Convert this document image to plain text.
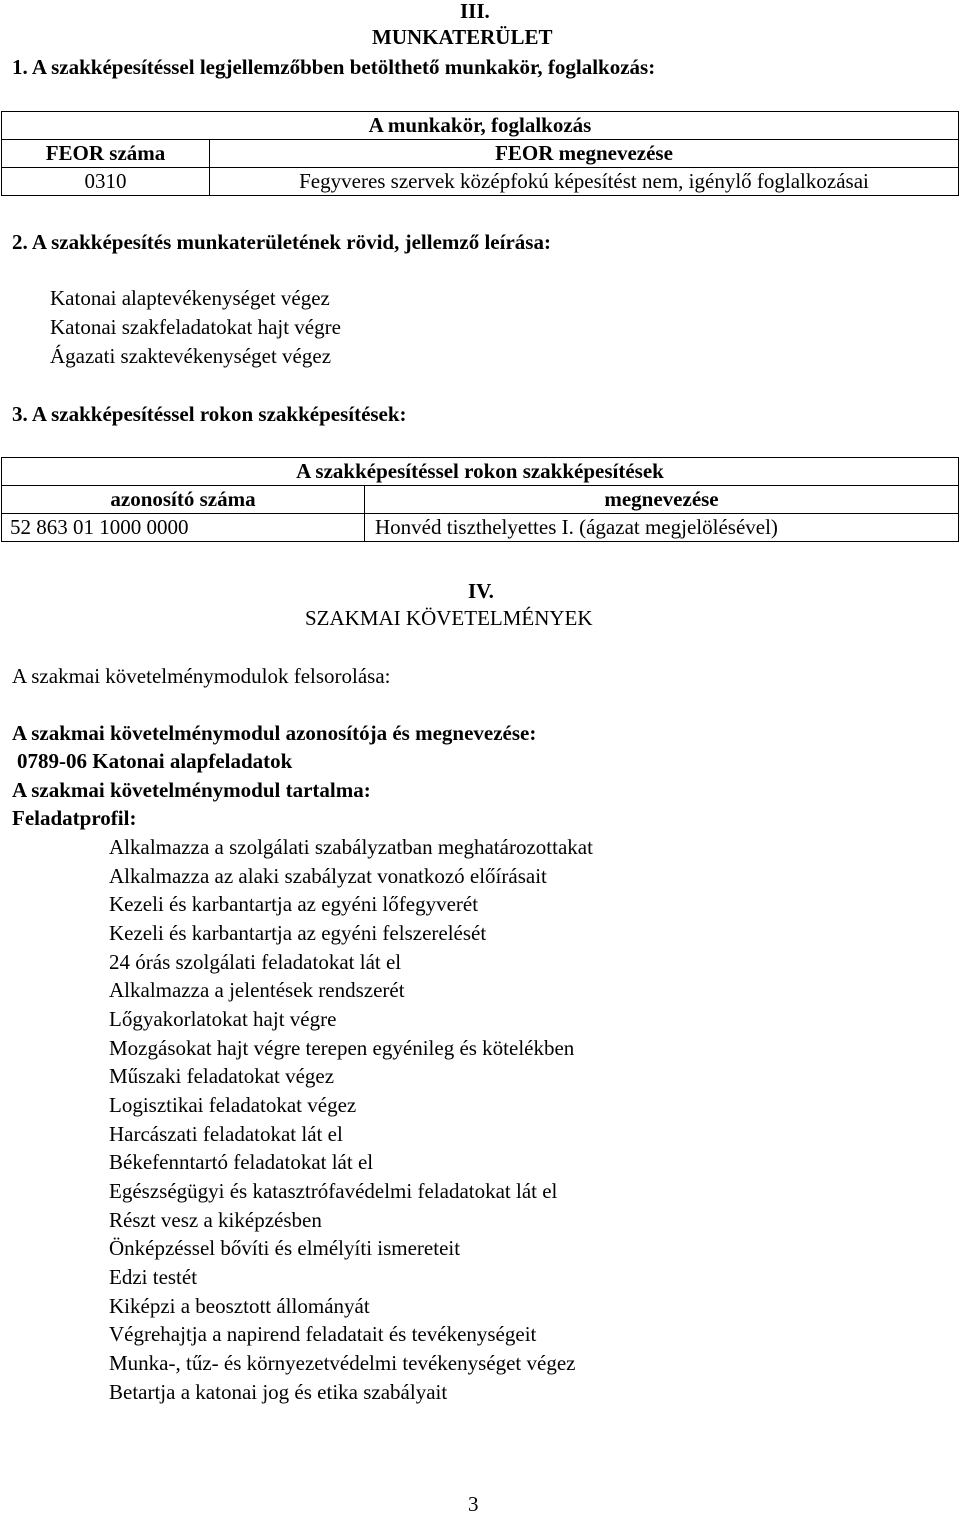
III.
MUNKATERÜLET
1. A szakképesítéssel legjellemzőbben betölthető munkakör, foglalkozás:
A munkakör, foglalkozás	
FEOR száma	FEOR megnevezése
0310	Fegyveres szervek középfokú képesítést nem, igénylő foglalkozásai
2. A szakképesítés munkaterületének rövid, jellemző leírása:
Katonai alaptevékenységet végez
Katonai szakfeladatokat hajt végre
Ágazati szaktevékenységet végez
3. A szakképesítéssel rokon szakképesítések:
A szakképesítéssel rokon szakképesítések	
azonosító száma	megnevezése
52 863 01 1000 0000	Honvéd tiszthelyettes I. (ágazat megjelölésével)
IV.
SZAKMAI KÖVETELMÉNYEK
A szakmai követelménymodulok felsorolása:
A szakmai követelménymodul azonosítója és megnevezése:
0789-06 Katonai alapfeladatok
A szakmai követelménymodul tartalma:
Feladatprofil:
Alkalmazza a szolgálati szabályzatban meghatározottakat
Alkalmazza az alaki szabályzat vonatkozó előírásait
Kezeli és karbantartja az egyéni lőfegyverét
Kezeli és karbantartja az egyéni felszerelését
24 órás szolgálati feladatokat lát el
Alkalmazza a jelentések rendszerét
Lőgyakorlatokat hajt végre
Mozgásokat hajt végre terepen egyénileg és kötelékben
Műszaki feladatokat végez
Logisztikai feladatokat végez
Harcászati feladatokat lát el
Békefenntartó feladatokat lát el
Egészségügyi és katasztrófavédelmi feladatokat lát el
Részt vesz a kiképzésben
Önképzéssel bővíti és elmélyíti ismereteit
Edzi testét
Kiképzi a beosztott állományát
Végrehajtja a napirend feladatait és tevékenységeit
Munka-, tűz- és környezetvédelmi tevékenységet végez
Betartja a katonai jog és etika szabályait
3
